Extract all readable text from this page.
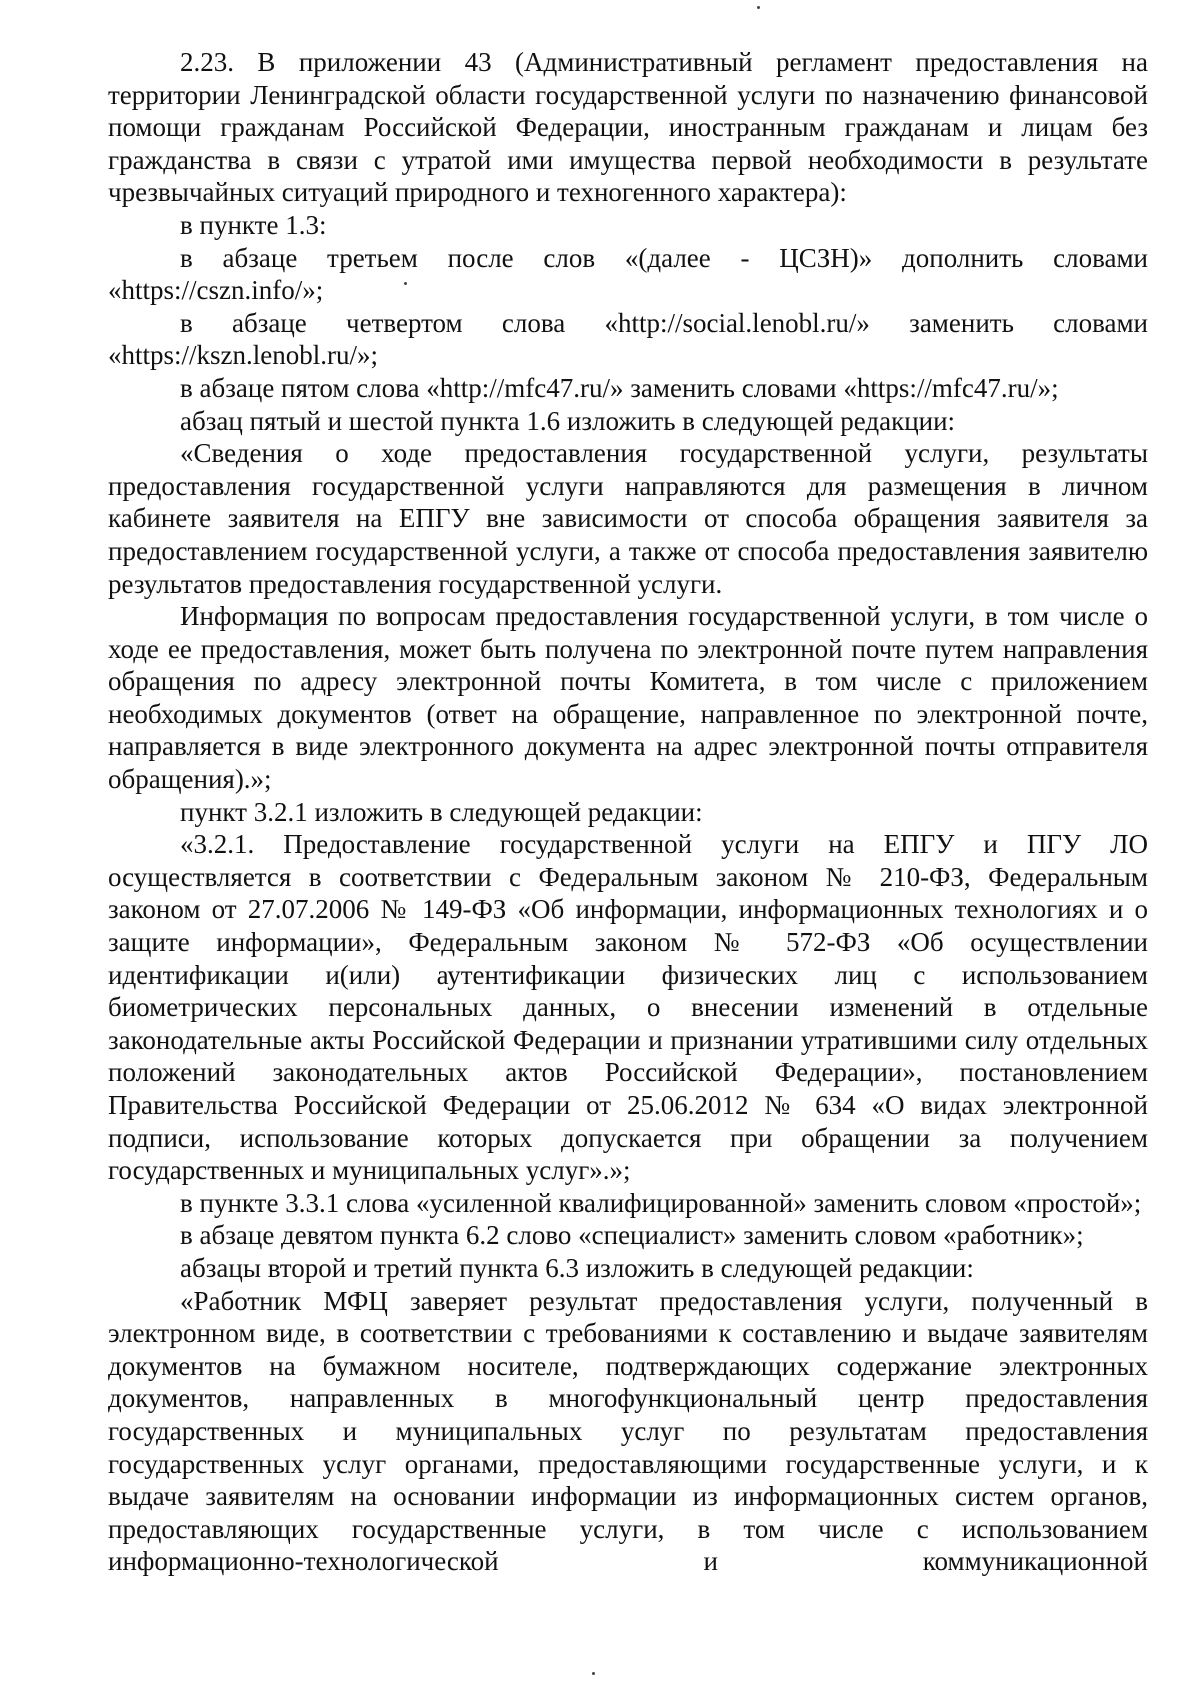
2.23. В приложении 43 (Административный регламент предоставления на территории Ленинградской области государственной услуги по назначению финансовой помощи гражданам Российской Федерации, иностранным гражданам и лицам без гражданства в связи с утратой ими имущества первой необходимости в результате чрезвычайных ситуаций природного и техногенного характера):

в пункте 1.3:

в абзаце третьем после слов «(далее - ЦСЗН)» дополнить словами «https://cszn.info/»;

в абзаце четвертом слова «http://social.lenobl.ru/» заменить словами «https://kszn.lenobl.ru/»;

в абзаце пятом слова «http://mfc47.ru/» заменить словами «https://mfc47.ru/»;

абзац пятый и шестой пункта 1.6 изложить в следующей редакции:

«Сведения о ходе предоставления государственной услуги, результаты предоставления государственной услуги направляются для размещения в личном кабинете заявителя на ЕПГУ вне зависимости от способа обращения заявителя за предоставлением государственной услуги, а также от способа предоставления заявителю результатов предоставления государственной услуги.

Информация по вопросам предоставления государственной услуги, в том числе о ходе ее предоставления, может быть получена по электронной почте путем направления обращения по адресу электронной почты Комитета, в том числе с приложением необходимых документов (ответ на обращение, направленное по электронной почте, направляется в виде электронного документа на адрес электронной почты отправителя обращения).»;

пункт 3.2.1 изложить в следующей редакции:

«3.2.1. Предоставление государственной услуги на ЕПГУ и ПГУ ЛО осуществляется в соответствии с Федеральным законом № 210-ФЗ, Федеральным законом от 27.07.2006 № 149-ФЗ «Об информации, информационных технологиях и о защите информации», Федеральным законом № 572-ФЗ «Об осуществлении идентификации и(или) аутентификации физических лиц с использованием биометрических персональных данных, о внесении изменений в отдельные законодательные акты Российской Федерации и признании утратившими силу отдельных положений законодательных актов Российской Федерации», постановлением Правительства Российской Федерации от 25.06.2012 № 634 «О видах электронной подписи, использование которых допускается при обращении за получением государственных и муниципальных услуг».»;

в пункте 3.3.1 слова «усиленной квалифицированной» заменить словом «простой»;

в абзаце девятом пункта 6.2 слово «специалист» заменить словом «работник»;

абзацы второй и третий пункта 6.3 изложить в следующей редакции:

«Работник МФЦ заверяет результат предоставления услуги, полученный в электронном виде, в соответствии с требованиями к составлению и выдаче заявителям документов на бумажном носителе, подтверждающих содержание электронных документов, направленных в многофункциональный центр предоставления государственных и муниципальных услуг по результатам предоставления государственных услуг органами, предоставляющими государственные услуги, и к выдаче заявителям на основании информации из информационных систем органов, предоставляющих государственные услуги, в том числе с использованием информационно-технологической и коммуникационной
